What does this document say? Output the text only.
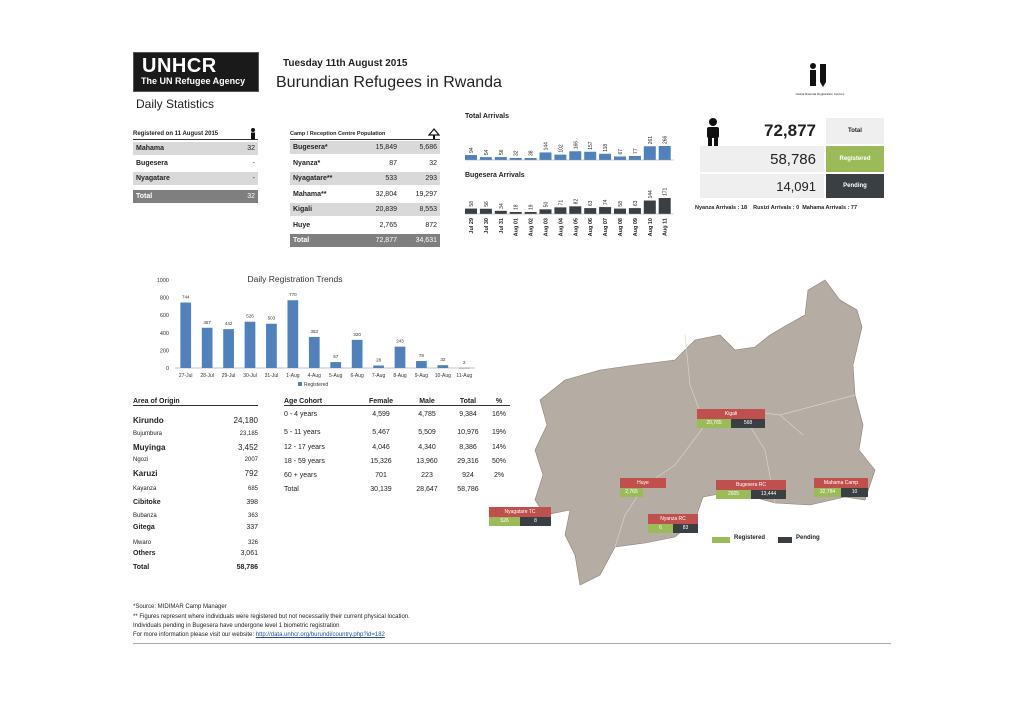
UNHCR
The UN Refugee Agency
Tuesday 11th August 2015
Burundian Refugees in Rwanda
Daily Statistics
Global Rwanda Registration Centres
Registered on 11 August 2015
Mahama	32
Bugesera	-
Nyagatare	-
Total	32
Camp / Reception Centre Population
Bugesera*	15,849	5,686
Nyanza*	87	32
Nyagatare**	533	293
Mahama**	32,804	19,297
Kigali	20,839	8,553
Huye	2,765	872
Total	72,877	34,631
Total Arrivals
Bugesera Arrivals
94 54 56 32 38
144 102 166 157 118 67 77
261 266
58 56 34 18 19 50 71 82 63 74 58 63
144 171
Jul 29 Jul 30 Jul 31 Aug 01 Aug 02 Aug 03 Aug 04 Aug 05 Aug 06 Aug 07 Aug 08 Aug 09 Aug 10 Aug 11
72,877	Total
58,786	Registered
14,091	Pending
Nyanza Arrivals : 18    Rusizi Arrivals : 0  Mahama Arrivals : 77
Daily Registration Trends
0
200
400
600
800
1000
744
27-Jul
457
28-Jul
442
29-Jul
526
30-Jul
503
31-Jul
770
1-Aug
353
4-Aug
67
5-Aug
320
6-Aug
28
7-Aug
243
8-Aug
79
9-Aug
32
10-Aug
2
11-Aug
Registered
Area of Origin
Kirundo	24,180
Bujumbura	23,185
Muyinga	3,452
Ngozi	2007
Karuzi	792
Kayanza	685
Cibitoke	398
Bubanza	363
Gitega	337
Mwaro	326
Others	3,061
Total	58,786
Age Cohort	Female	Male	Total	%
0 - 4 years	4,599	4,785	9,384	16%
5 - 11 years	5,467	5,509	10,976	19%
12 - 17 years	4,046	4,340	8,386	14%
18 - 59 years	15,326	13,960	29,316	50%
60 + years	701	223	924	2%
Total	30,139	28,647	58,786
Kigali
20,765	568
Huye
2,765
Bugesera RC
2605	13,444
Mahama Camp
32,784	10
Nyagatare TC
526	8	Nyanza RC
6	83
Registered	Pending
*Source: MIDIMAR Camp Manager
** Figures represent where individuals were registered but not necessarily their current physical location.
Individuals pending in Bugesera have undergone level 1 biometric registration
For more information please visit our website: http://data.unhcr.org/burundi/country.php?id=182
